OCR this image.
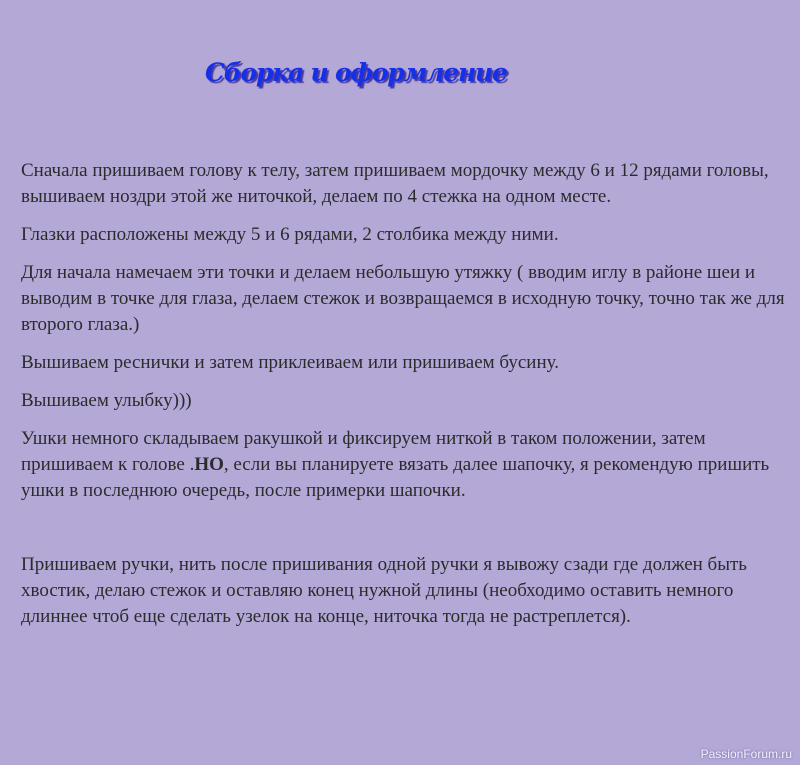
Сборка и оформление

Сначала пришиваем голову к телу, затем пришиваем мордочку между 6 и 12 рядами головы, вышиваем ноздри этой же ниточкой, делаем по 4 стежка на одном месте.

Глазки расположены между 5 и 6 рядами, 2 столбика между ними.

Для начала намечаем эти точки и делаем небольшую утяжку ( вводим иглу в районе шеи и выводим в точке для глаза, делаем стежок и возвращаемся в исходную точку, точно так же для второго глаза.)

Вышиваем реснички и затем приклеиваем или пришиваем бусину.

Вышиваем улыбку)))

Ушки немного складываем ракушкой и фиксируем ниткой в таком положении, затем пришиваем к голове .НО, если вы планируете вязать далее шапочку, я рекомендую пришить ушки в последнюю очередь, после примерки шапочки.

Пришиваем ручки, нить после пришивания одной ручки я вывожу сзади где должен быть хвостик, делаю стежок и оставляю конец нужной длины (необходимо оставить немного длиннее чтоб еще сделать узелок на конце, ниточка тогда не растреплется).

PassionForum.ru
